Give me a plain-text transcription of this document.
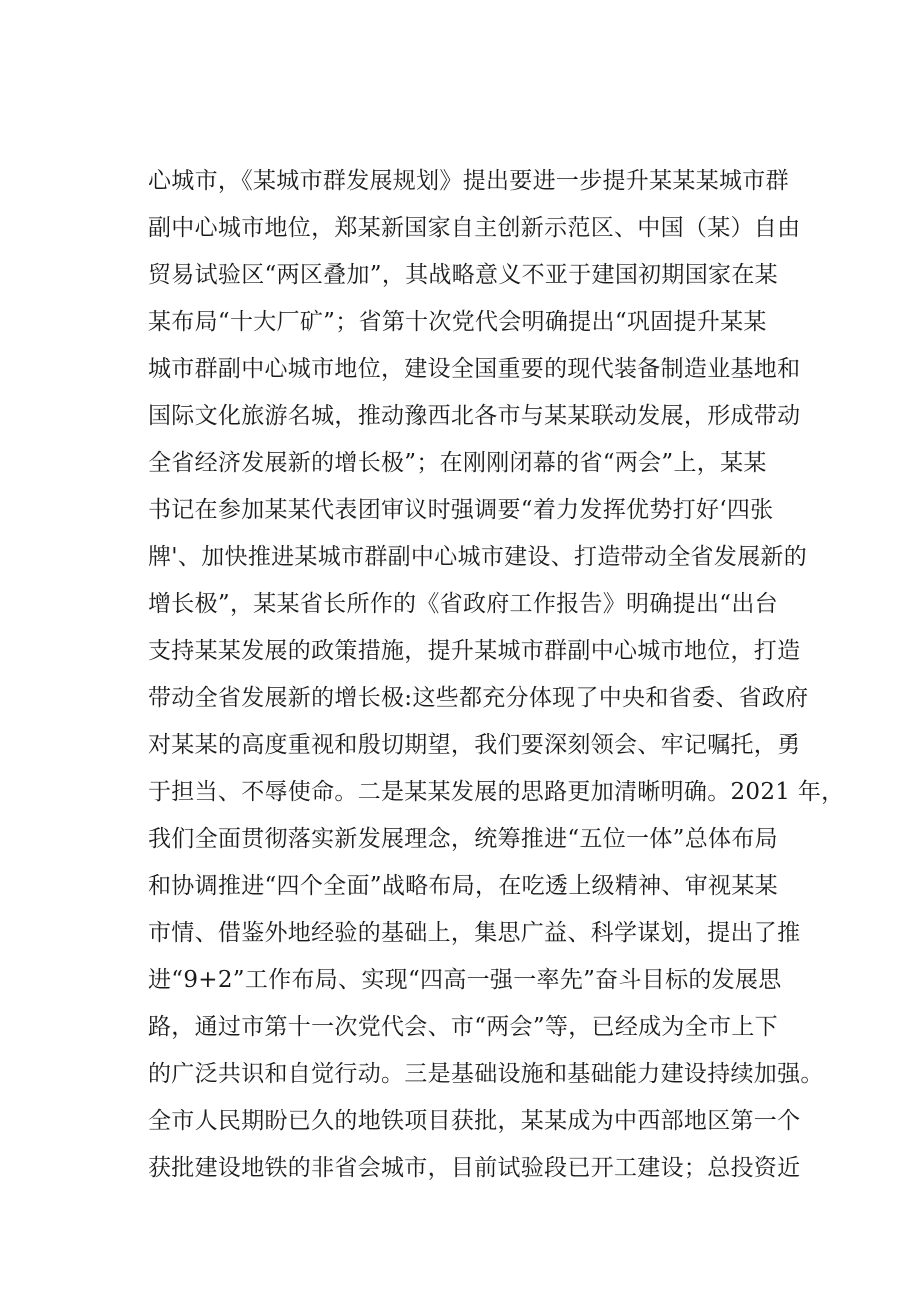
心城市，《某城市群发展规划》提出要进一步提升某某某城市群
副中心城市地位，郑某新国家自主创新示范区、中国（某）自由
贸易试验区“两区叠加”，其战略意义不亚于建国初期国家在某
某布局“十大厂矿”；省第十次党代会明确提出“巩固提升某某
城市群副中心城市地位，建设全国重要的现代装备制造业基地和
国际文化旅游名城，推动豫西北各市与某某联动发展，形成带动
全省经济发展新的增长极”；在刚刚闭幕的省“两会”上，某某
书记在参加某某代表团审议时强调要“着力发挥优势打好‘四张
牌'、加快推进某城市群副中心城市建设、打造带动全省发展新的
增长极”，某某省长所作的《省政府工作报告》明确提出“出台
支持某某发展的政策措施，提升某城市群副中心城市地位，打造
带动全省发展新的增长极:这些都充分体现了中央和省委、省政府
对某某的高度重视和殷切期望，我们要深刻领会、牢记嘱托，勇
于担当、不辱使命。二是某某发展的思路更加清晰明确。2021 年，
我们全面贯彻落实新发展理念，统筹推进“五位一体”总体布局
和协调推进“四个全面”战略布局，在吃透上级精神、审视某某
市情、借鉴外地经验的基础上，集思广益、科学谋划，提出了推
进“9+2”工作布局、实现“四高一强一率先”奋斗目标的发展思
路，通过市第十一次党代会、市“两会”等，已经成为全市上下
的广泛共识和自觉行动。三是基础设施和基础能力建设持续加强。
全市人民期盼已久的地铁项目获批，某某成为中西部地区第一个
获批建设地铁的非省会城市，目前试验段已开工建设；总投资近
